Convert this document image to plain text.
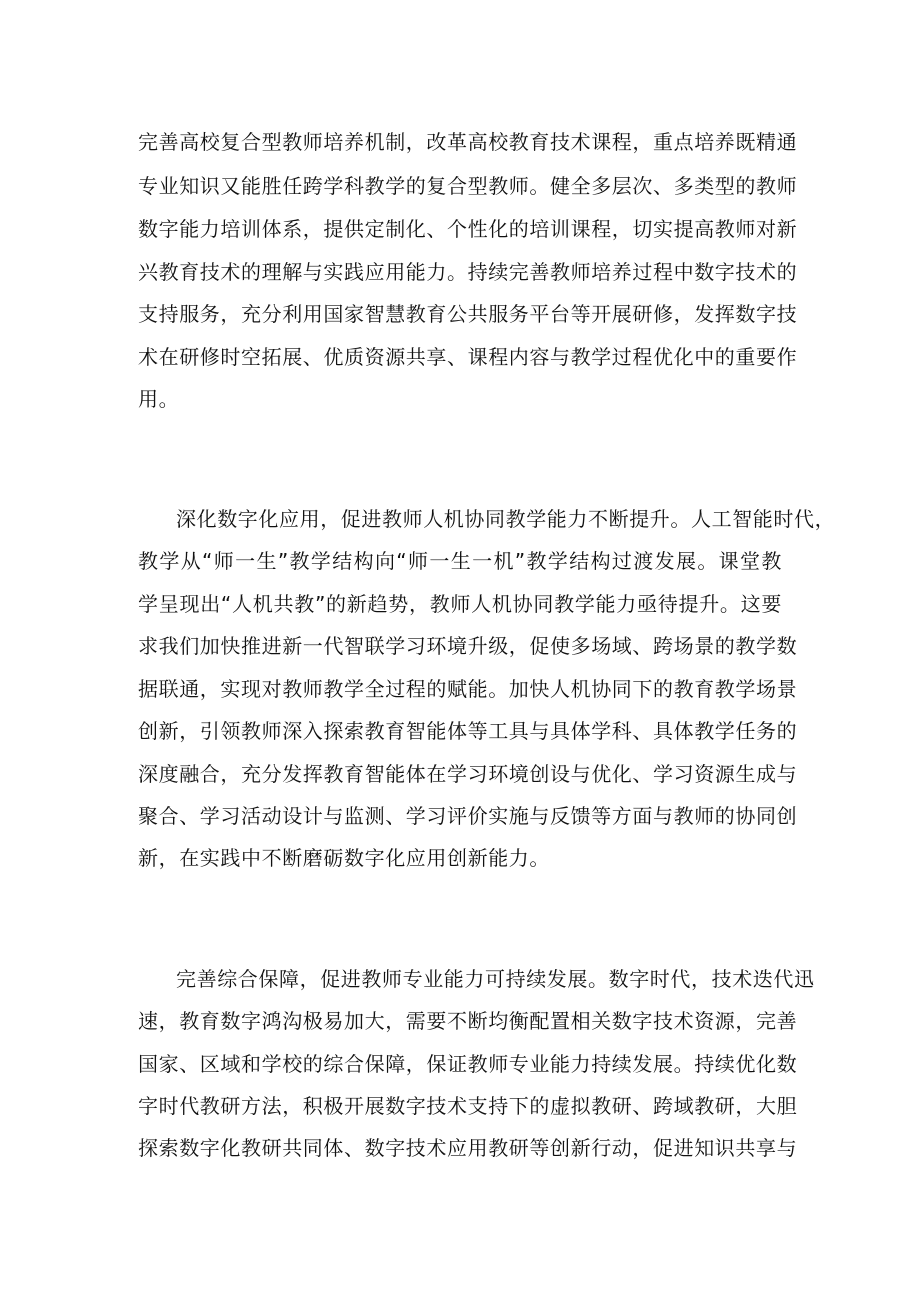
完善高校复合型教师培养机制，改革高校教育技术课程，重点培养既精通
专业知识又能胜任跨学科教学的复合型教师。健全多层次、多类型的教师
数字能力培训体系，提供定制化、个性化的培训课程，切实提高教师对新
兴教育技术的理解与实践应用能力。持续完善教师培养过程中数字技术的
支持服务，充分利用国家智慧教育公共服务平台等开展研修，发挥数字技
术在研修时空拓展、优质资源共享、课程内容与教学过程优化中的重要作
用。
深化数字化应用，促进教师人机协同教学能力不断提升。人工智能时代，
教学从“师一生”教学结构向“师一生一机”教学结构过渡发展。课堂教
学呈现出“人机共教”的新趋势，教师人机协同教学能力亟待提升。这要
求我们加快推进新一代智联学习环境升级，促使多场域、跨场景的教学数
据联通，实现对教师教学全过程的赋能。加快人机协同下的教育教学场景
创新，引领教师深入探索教育智能体等工具与具体学科、具体教学任务的
深度融合，充分发挥教育智能体在学习环境创设与优化、学习资源生成与
聚合、学习活动设计与监测、学习评价实施与反馈等方面与教师的协同创
新，在实践中不断磨砺数字化应用创新能力。
完善综合保障，促进教师专业能力可持续发展。数字时代，技术迭代迅
速，教育数字鸿沟极易加大，需要不断均衡配置相关数字技术资源，完善
国家、区域和学校的综合保障，保证教师专业能力持续发展。持续优化数
字时代教研方法，积极开展数字技术支持下的虚拟教研、跨域教研，大胆
探索数字化教研共同体、数字技术应用教研等创新行动，促进知识共享与
